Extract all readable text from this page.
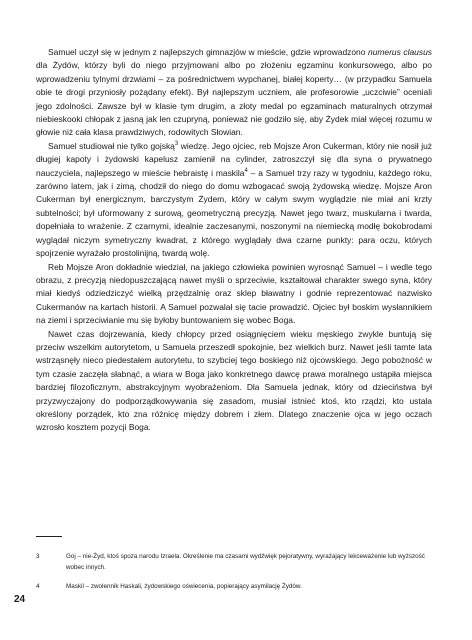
Samuel uczył się w jednym z najlepszych gimnazjów w mieście, gdzie wprowadzono numerus clausus dla Żydów, którzy byli do niego przyjmowani albo po złożeniu egzaminu konkursowego, albo po wprowadzeniu tylnymi drzwiami – za pośrednictwem wypchanej, białej koperty… (w przypadku Samuela obie te drogi przyniosły pożądany efekt). Był najlepszym uczniem, ale profesorowie „uczciwie” oceniali jego zdolności. Zawsze był w klasie tym drugim, a złoty medal po egzaminach maturalnych otrzymał niebieskooki chłopak z jasną jak len czupryną, ponieważ nie godziło się, aby Żydek miał więcej rozumu w głowie niż cała klasa prawdziwych, rodowitych Słowian.

Samuel studiował nie tylko gojską$^3$ wiedzę. Jego ojciec, reb Mojsze Aron Cukerman, który nie nosił już długiej kapoty i żydowski kapelusz zamienił na cylinder, zatroszczył się dla syna o prywatnego nauczyciela, najlepszego w mieście hebraistę i maskila$^4$ – a Samuel trzy razy w tygodniu, każdego roku, zarówno latem, jak i zimą, chodził do niego do domu wzbogacać swoją żydowską wiedzę. Mojsze Aron Cukerman był energicznym, barczystym Żydem, który w całym swym wyglądzie nie miał ani krzty subtelności; był uformowany z surową, geometryczną precyzją. Nawet jego twarz, muskularna i twarda, dopełniała to wrażenie. Z czarnymi, idealnie zaczesanymi, noszonymi na niemiecką modłę bokobrodami wyglądał niczym symetryczny kwadrat, z którego wyglądały dwa czarne punkty: para oczu, których spojrzenie wyrażało prostolinijną, twardą wolę.

Reb Mojsze Aron dokładnie wiedział, na jakiego człowieka powinien wyrosnąć Samuel – i wedle tego obrazu, z precyzją niedopuszczającą nawet myśli o sprzeciwie, kształtował charakter swego syna, który miał kiedyś odziedziczyć wielką przędzalnię oraz sklep bławatny i godnie reprezentować nazwisko Cukermanów na kartach historii. A Samuel pozwalał się tacie prowadzić. Ojciec był boskim wysłannikiem na ziemi i sprzeciwianie mu się byłoby buntowaniem się wobec Boga.

Nawet czas dojrzewania, kiedy chłopcy przed osiągnięciem wieku męskiego zwykle buntują się przeciw wszelkim autorytetom, u Samuela przeszedł spokojnie, bez wielkich burz. Nawet jeśli tamte lata wstrząsnęły nieco piedestałem autorytetu, to szybciej tego boskiego niż ojcowskiego. Jego pobożność w tym czasie zaczęła słabnąć, a wiara w Boga jako konkretnego dawcę prawa moralnego ustąpiła miejsca bardziej filozoficznym, abstrakcyjnym wyobrażeniom. Dla Samuela jednak, który od dzieciństwa był przyzwyczajony do podporządkowywania się zasadom, musiał istnieć ktoś, kto rządzi, kto ustala określony porządek, kto zna różnicę między dobrem i złem. Dlatego znaczenie ojca w jego oczach wzrosło kosztem pozycji Boga.

3	Goj – nie-Żyd, ktoś spoza narodu Izraela. Określenie ma czasami wydźwięk pejoratywny, wyrażający lekceważenie lub wyższość wobec innych.
4	Maskil – zwolennik Haskali, żydowskiego oświecenia, popierający asymilację Żydów.
24
